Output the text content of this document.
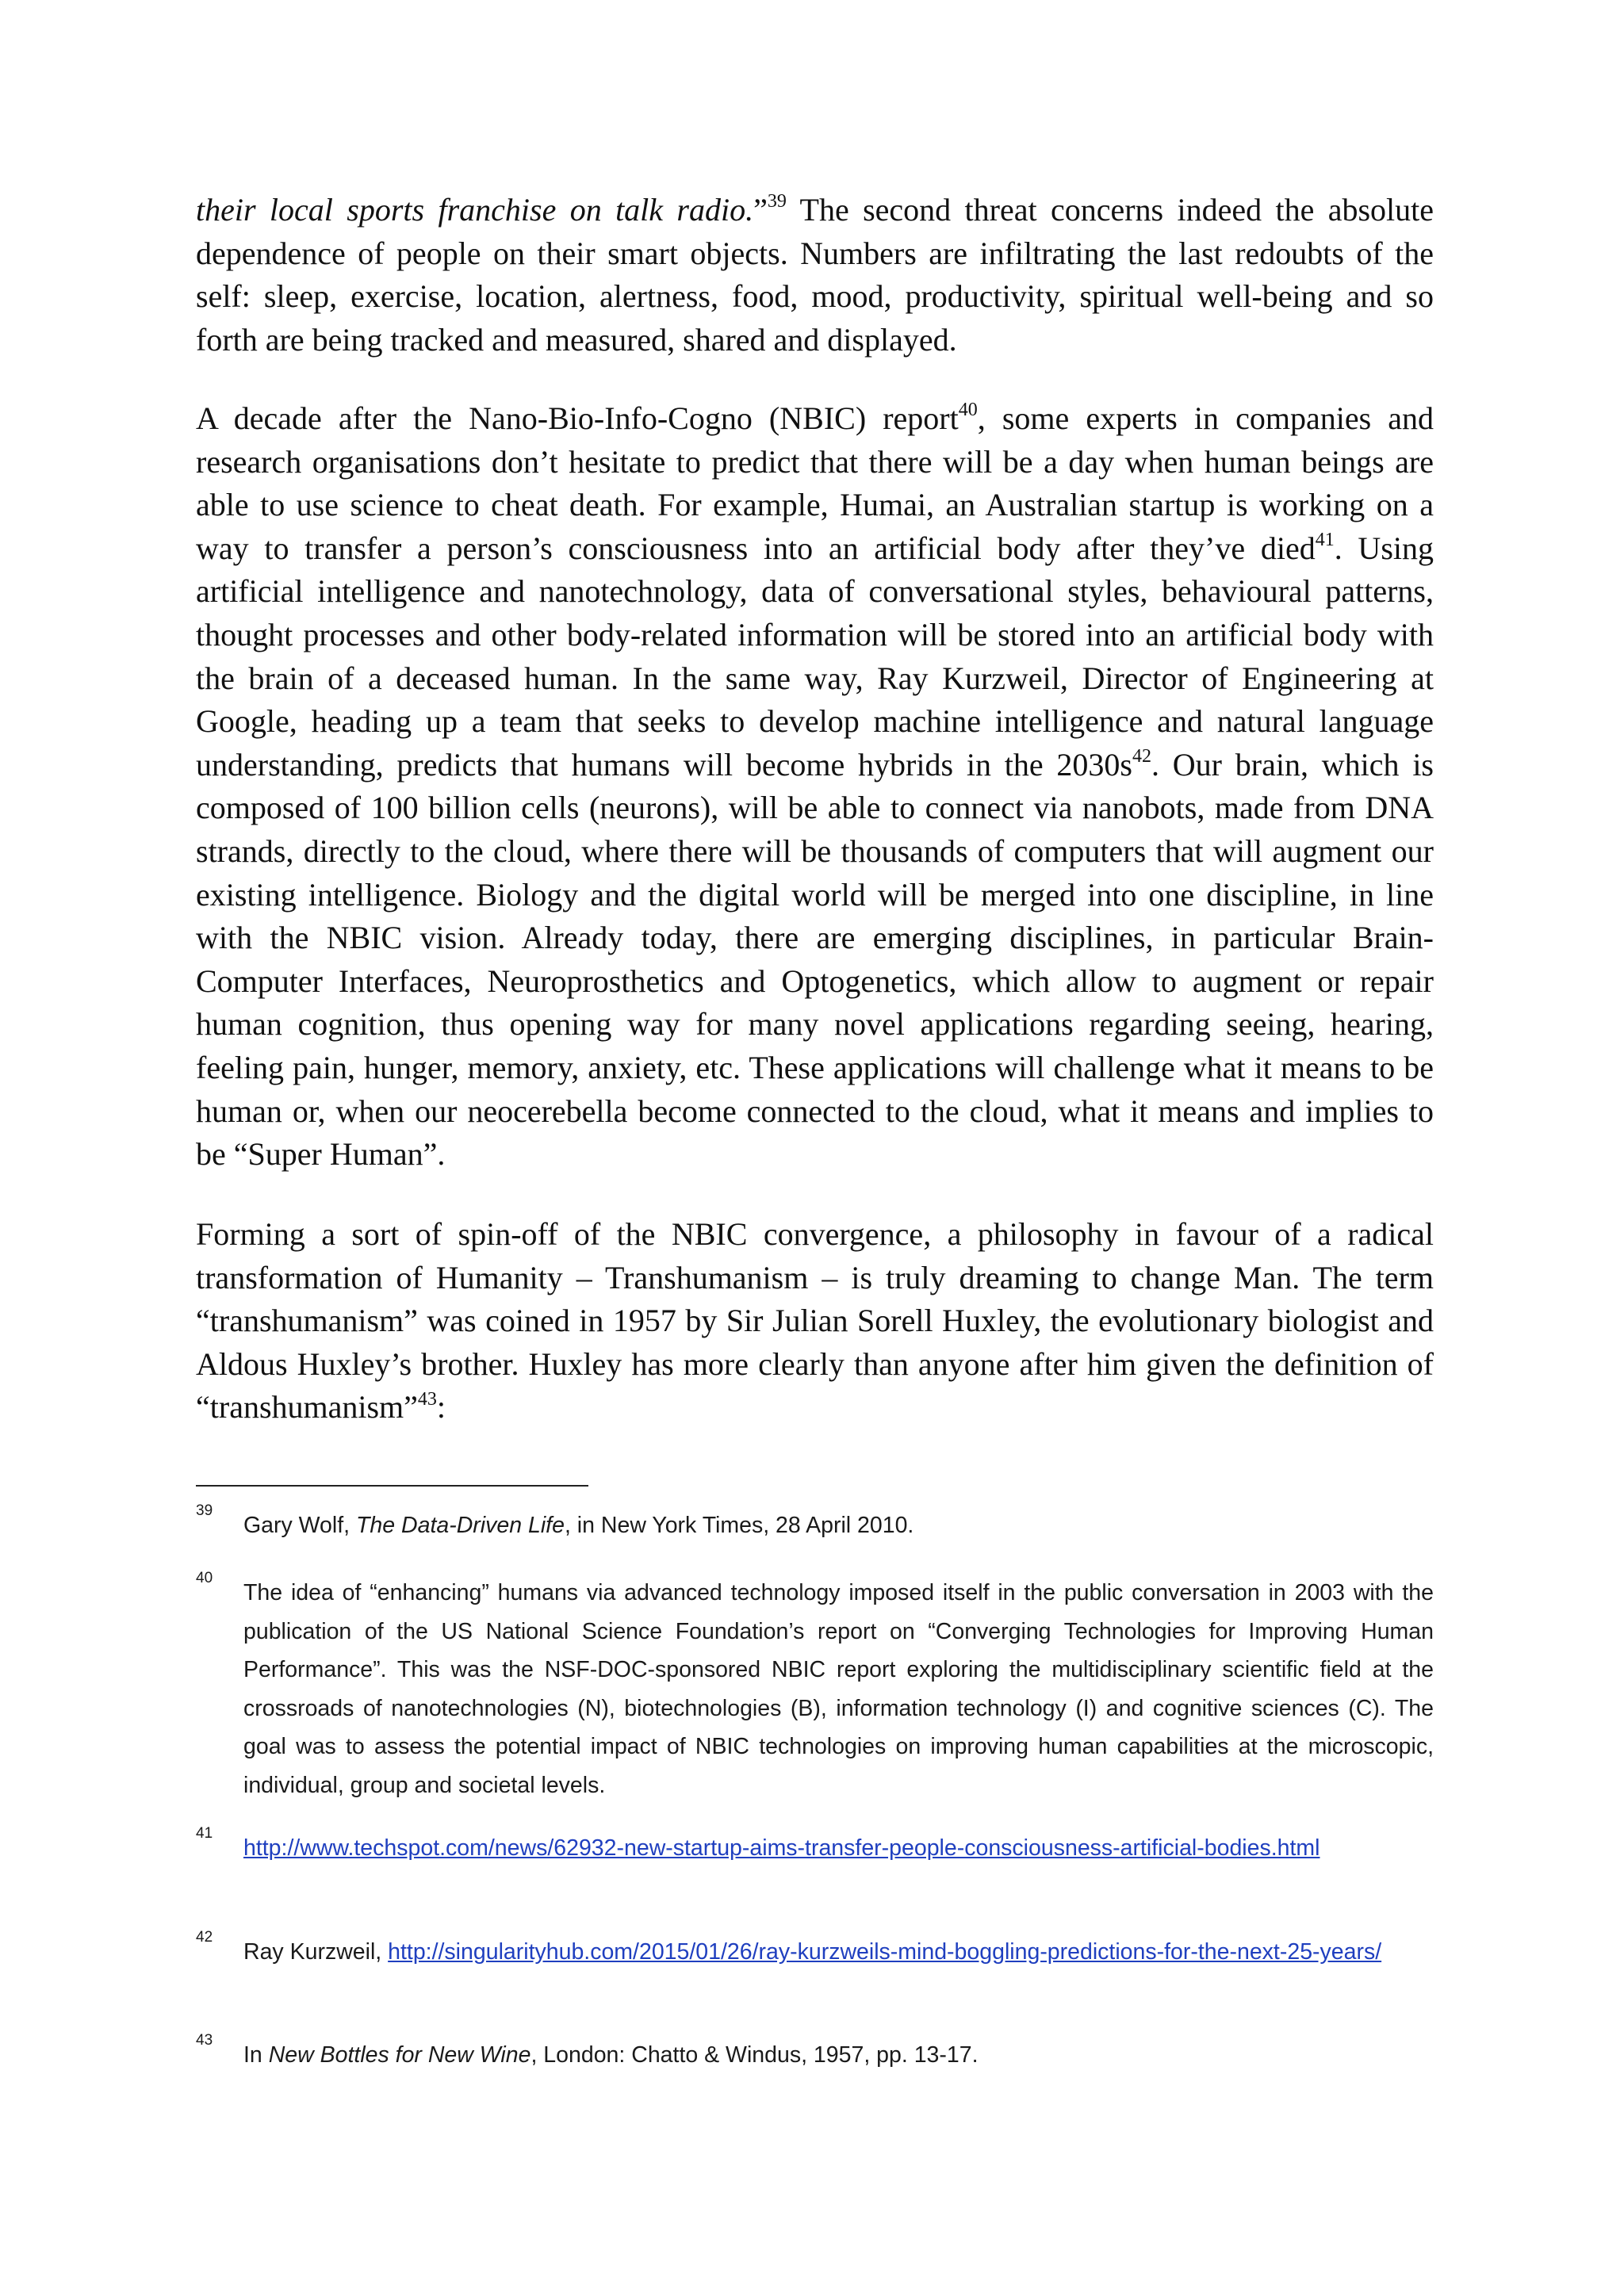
their local sports franchise on talk radio.”$^{39}$ The second threat concerns indeed the absolute dependence of people on their smart objects. Numbers are infiltrating the last redoubts of the self: sleep, exercise, location, alertness, food, mood, productivity, spiritual well-being and so forth are being tracked and measured, shared and displayed.

A decade after the Nano-Bio-Info-Cogno (NBIC) report$^{40}$, some experts in companies and research organisations don’t hesitate to predict that there will be a day when human beings are able to use science to cheat death. For example, Humai, an Australian startup is working on a way to transfer a person’s consciousness into an artificial body after they’ve died$^{41}$. Using artificial intelligence and nanotechnology, data of conversational styles, behavioural patterns, thought processes and other body-related information will be stored into an artificial body with the brain of a deceased human. In the same way, Ray Kurzweil, Director of Engineering at Google, heading up a team that seeks to develop machine intelligence and natural language understanding, predicts that humans will become hybrids in the $2030s^{42}$. Our brain, which is composed of 100 billion cells (neurons), will be able to connect via nanobots, made from DNA strands, directly to the cloud, where there will be thousands of computers that will augment our existing intelligence. Biology and the digital world will be merged into one discipline, in line with the NBIC vision. Already today, there are emerging disciplines, in particular Brain-Computer Interfaces, Neuroprosthetics and Optogenetics, which allow to augment or repair human cognition, thus opening way for many novel applications regarding seeing, hearing, feeling pain, hunger, memory, anxiety, etc. These applications will challenge what it means to be human or, when our neocerebella become connected to the cloud, what it means and implies to be “Super Human”.

Forming a sort of spin-off of the NBIC convergence, a philosophy in favour of a radical transformation of Humanity – Transhumanism – is truly dreaming to change Man. The term “transhumanism” was coined in 1957 by Sir Julian Sorell Huxley, the evolutionary biologist and Aldous Huxley’s brother. Huxley has more clearly than anyone after him given the definition of “transhumanism”$^{43}$:

39
Gary Wolf, The Data-Driven Life, in New York Times, 28 April 2010.
40
The idea of “enhancing” humans via advanced technology imposed itself in the public conversation in 2003 with the publication of the US National Science Foundation’s report on “Converging Technologies for Improving Human Performance”. This was the NSF-DOC-sponsored NBIC report exploring the multidisciplinary scientific field at the crossroads of nanotechnologies (N), biotechnologies (B), information technology (I) and cognitive sciences (C). The goal was to assess the potential impact of NBIC technologies on improving human capabilities at the microscopic, individual, group and societal levels.
41
http://www.techspot.com/news/62932-new-startup-aims-transfer-people-consciousness-artificial-bodies.html
42
Ray Kurzweil, http://singularityhub.com/2015/01/26/ray-kurzweils-mind-boggling-predictions-for-the-next-25-years/
43
In New Bottles for New Wine, London: Chatto & Windus, 1957, pp. 13-17.
